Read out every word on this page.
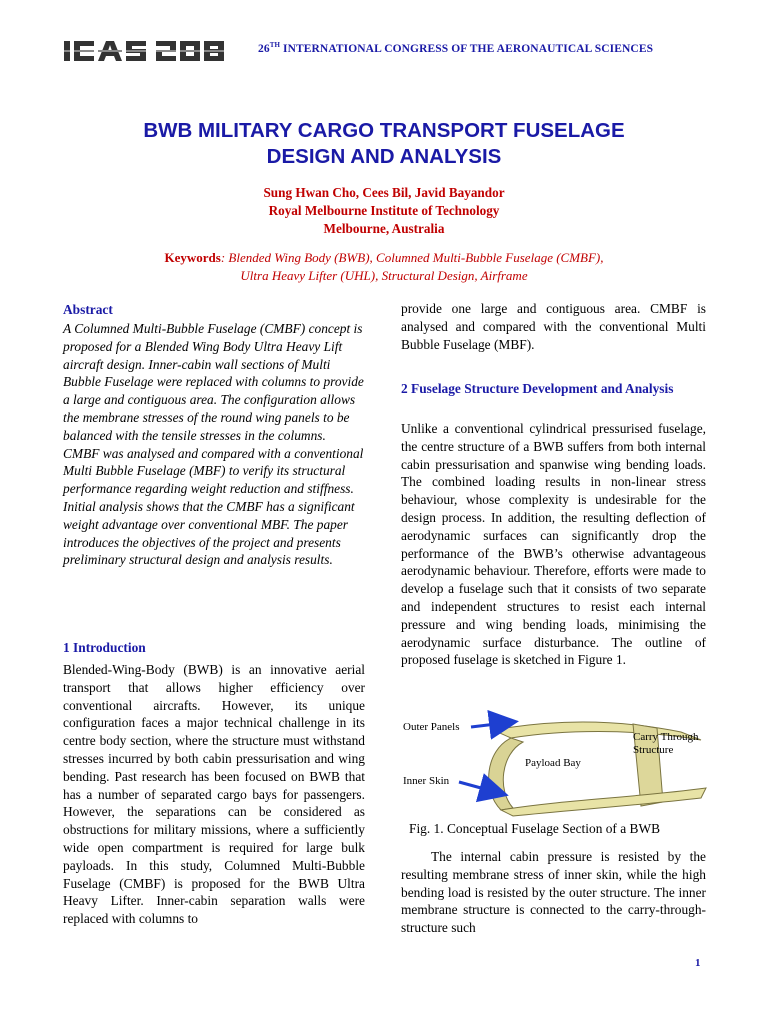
26TH INTERNATIONAL CONGRESS OF THE AERONAUTICAL SCIENCES
BWB MILITARY CARGO TRANSPORT FUSELAGE
DESIGN AND ANALYSIS
Sung Hwan Cho, Cees Bil, Javid Bayandor
Royal Melbourne Institute of Technology
Melbourne, Australia
Keywords: Blended Wing Body (BWB), Columned Multi-Bubble Fuselage (CMBF),
Ultra Heavy Lifter (UHL), Structural Design, Airframe
Abstract
A Columned Multi-Bubble Fuselage (CMBF) concept is proposed for a Blended Wing Body Ultra Heavy Lift aircraft design. Inner-cabin wall sections of Multi Bubble Fuselage were replaced with columns to provide a large and contiguous area. The configuration allows the membrane stresses of the round wing panels to be balanced with the tensile stresses in the columns. CMBF was analysed and compared with a conventional Multi Bubble Fuselage (MBF) to verify its structural performance regarding weight reduction and stiffness. Initial analysis shows that the CMBF has a significant weight advantage over conventional MBF. The paper introduces the objectives of the project and presents preliminary structural design and analysis results.
1 Introduction
Blended-Wing-Body (BWB) is an innovative aerial transport that allows higher efficiency over conventional aircrafts. However, its unique configuration faces a major technical challenge in its centre body section, where the structure must withstand stresses incurred by both cabin pressurisation and wing bending. Past research has been focused on BWB that has a number of separated cargo bays for passengers. However, the separations can be considered as obstructions for military missions, where a sufficiently wide open compartment is required for large bulk payloads. In this study, Columned Multi-Bubble Fuselage (CMBF) is proposed for the BWB Ultra Heavy Lifter. Inner-cabin separation walls were replaced with columns to
provide one large and contiguous area. CMBF is analysed and compared with the conventional Multi Bubble Fuselage (MBF).
2 Fuselage Structure Development and Analysis
Unlike a conventional cylindrical pressurised fuselage, the centre structure of a BWB suffers from both internal cabin pressurisation and spanwise wing bending loads. The combined loading results in non-linear stress behaviour, whose complexity is undesirable for the design process. In addition, the resulting deflection of aerodynamic surfaces can significantly drop the performance of the BWB’s otherwise advantageous aerodynamic behaviour. Therefore, efforts were made to develop a fuselage such that it consists of two separate and independent structures to resist each internal pressure and wing bending loads, minimising the aerodynamic surface disturbance. The outline of proposed fuselage is sketched in Figure 1.
Outer Panels
Carry Through
Structure
Payload Bay
Inner Skin
Fig. 1. Conceptual Fuselage Section of a BWB
The internal cabin pressure is resisted by the resulting membrane stress of inner skin, while the high bending load is resisted by the outer structure. The inner membrane structure is connected to the carry-through-structure such
1
